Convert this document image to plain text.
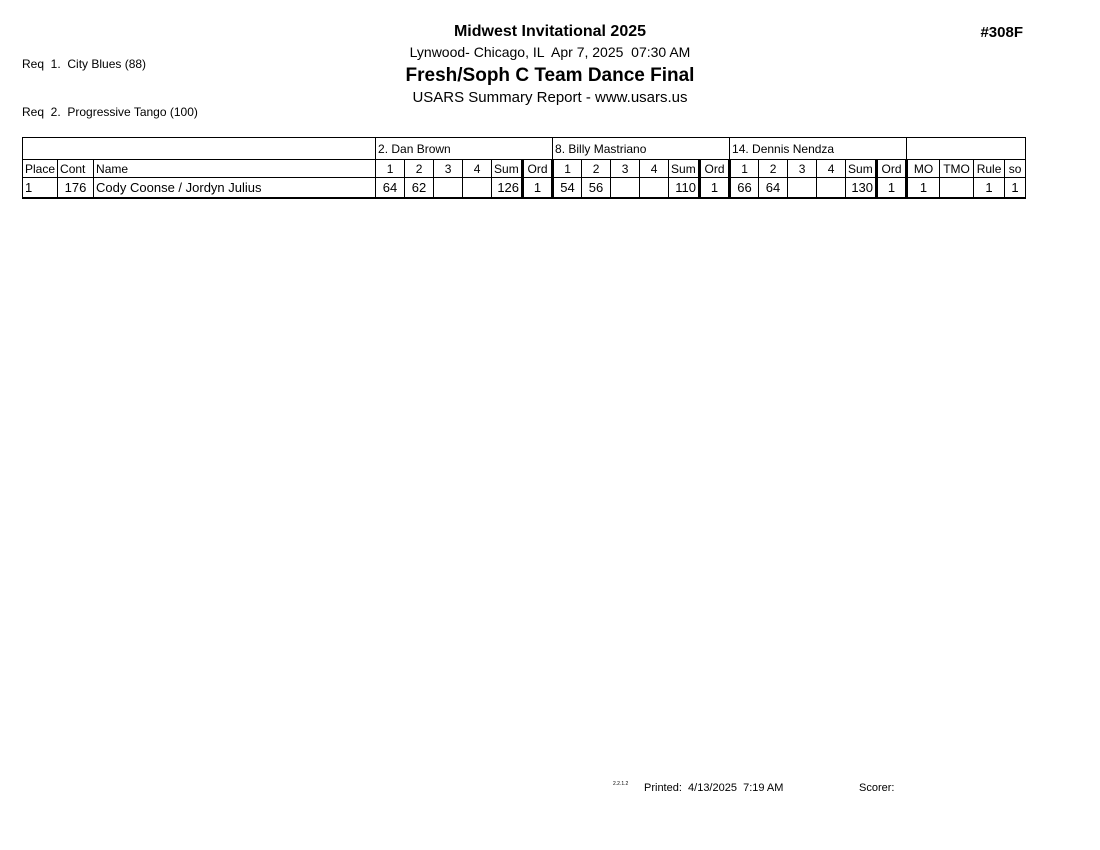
Req  1.  City Blues (88)

Req  2.  Progressive Tango (100)

Midwest Invitational 2025
Lynwood- Chicago, IL  Apr 7, 2025  07:30 AM
Fresh/Soph C Team Dance Final
USARS Summary Report - www.usars.us
#308F
			2. Dan Brown						8. Billy Mastriano						14. Dennis Nendza									
Place	Cont	Name	1	2	3	4	Sum	Ord	1	2	3	4	Sum	Ord	1	2	3	4	Sum	Ord	MO	TMO	Rule	so
1	176	Cody Coonse / Jordyn Julius	64	62			126	1	54	56			110	1	66	64			130	1	1		1	1
2.2.1.2 Printed:  4/13/2025  7:19 AM	Scorer:
